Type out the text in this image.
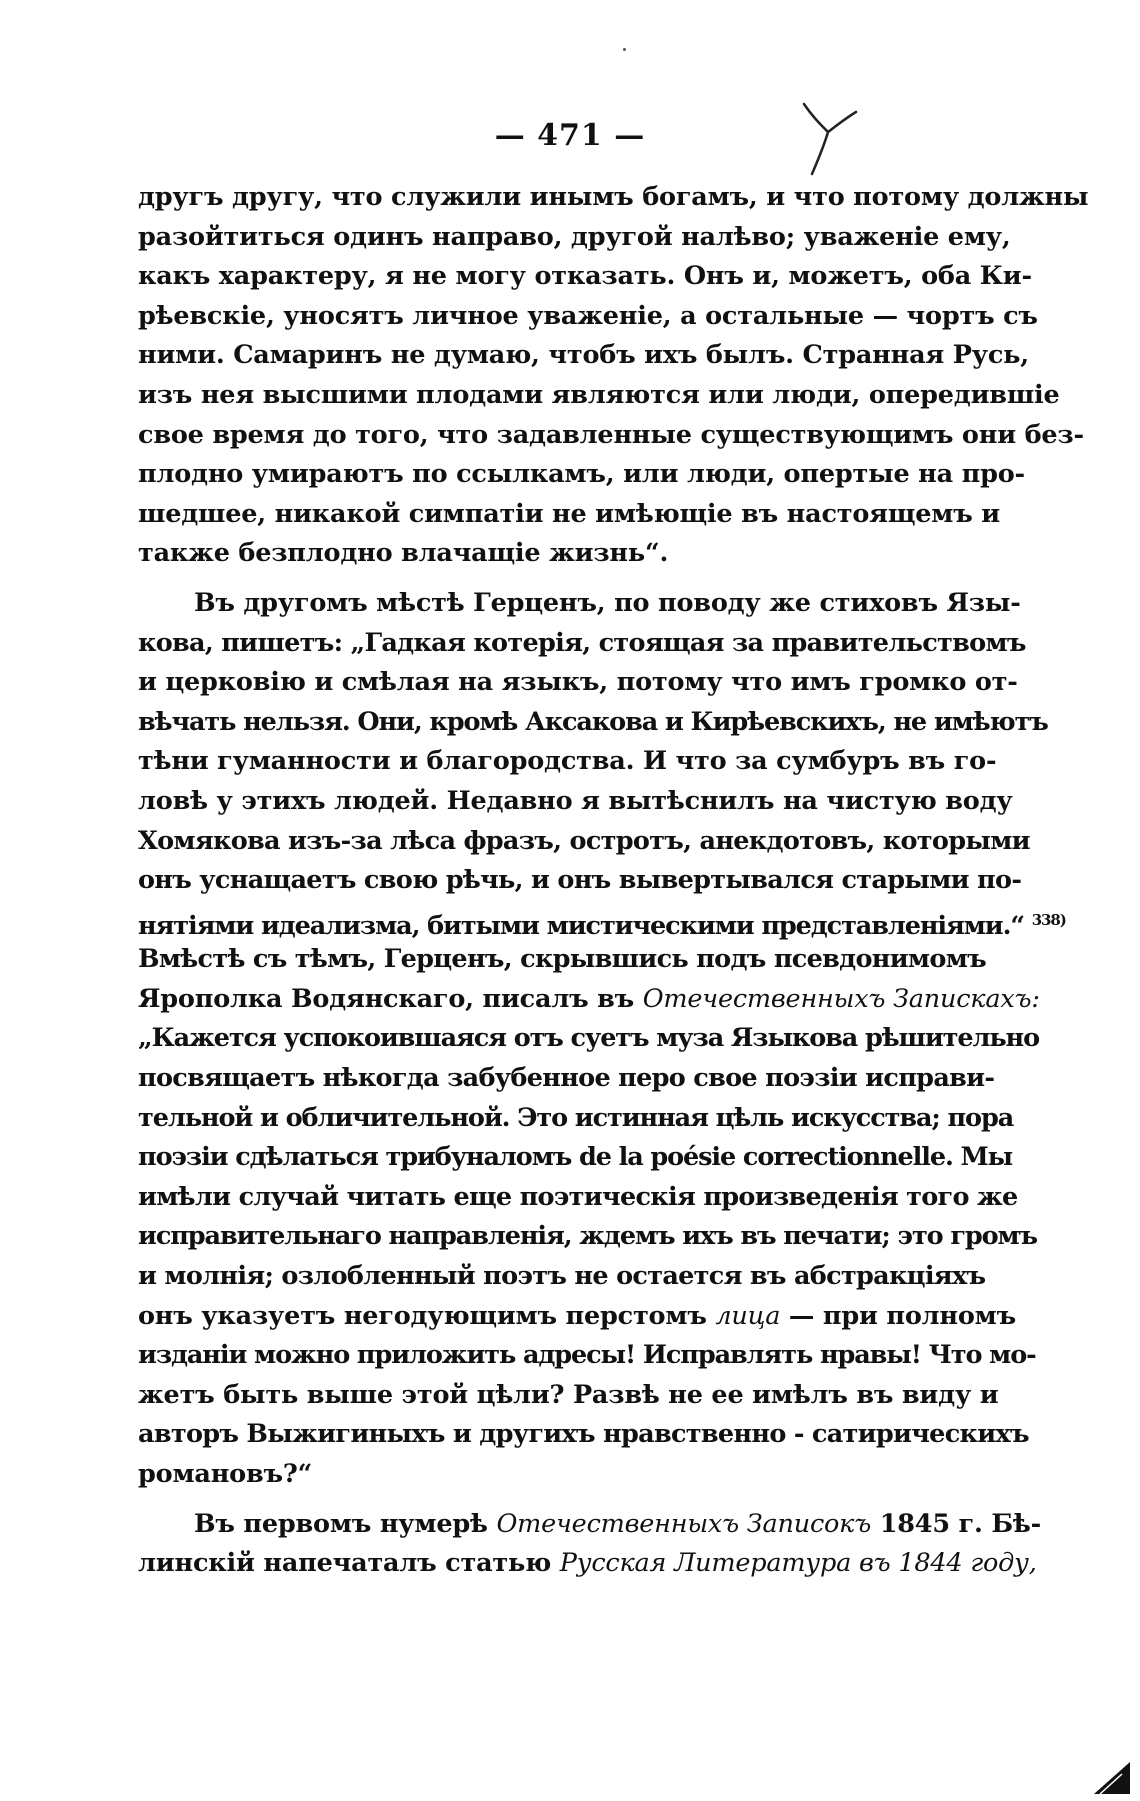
— 471 —
другъ другу, что служили инымъ богамъ, и что потому должны
разойтиться одинъ направо, другой налѣво; уваженіе ему,
какъ характеру, я не могу отказать. Онъ и, можетъ, оба Ки-
рѣевскіе, уносятъ личное уваженіе, а остальные — чортъ съ
ними. Самаринъ не думаю, чтобъ ихъ былъ. Странная Русь,
изъ нея высшими плодами являются или люди, опередившіе
свое время до того, что задавленные существующимъ они без-
плодно умираютъ по ссылкамъ, или люди, опертые на про-
шедшее, никакой симпатіи не имѣющіе въ настоящемъ и
также безплодно влачащіе жизнь“.
Въ другомъ мѣстѣ Герценъ, по поводу же стиховъ Язы-
кова, пишетъ: „Гадкая котерія, стоящая за правительствомъ
и церковію и смѣлая на языкъ, потому что имъ громко от-
вѣчать нельзя. Они, кромѣ Аксакова и Кирѣевскихъ, не имѣютъ
тѣни гуманности и благородства. И что за сумбуръ въ го-
ловѣ у этихъ людей. Недавно я вытѣснилъ на чистую воду
Хомякова изъ-за лѣса фразъ, остротъ, анекдотовъ, которыми
онъ уснащаетъ свою рѣчь, и онъ вывертывался старыми по-
нятіями идеализма, битыми мистическими представленіями.“ $^{338)}$
Вмѣстѣ съ тѣмъ, Герценъ, скрывшись подъ псевдонимомъ
Ярополка Водянскаго, писалъ въ Отечественныхъ Запискахъ:
„Кажется успокоившаяся отъ суетъ муза Языкова рѣшительно
посвящаетъ нѣкогда забубенное перо свое поэзіи исправи-
тельной и обличительной. Это истинная цѣль искусства; пора
поэзіи сдѣлаться трибуналомъ de la poésie correctionnelle. Мы
имѣли случай читать еще поэтическія произведенія того же
исправительнаго направленія, ждемъ ихъ въ печати; это громъ
и молнія; озлобленный поэтъ не остается въ абстракціяхъ
онъ указуетъ негодующимъ перстомъ лица — при полномъ
изданіи можно приложить адресы! Исправлять нравы! Что мо-
жетъ быть выше этой цѣли? Развѣ не ее имѣлъ въ виду и
авторъ Выжигиныхъ и другихъ нравственно - сатирическихъ
романовъ?“
Въ первомъ нумерѣ Отечественныхъ Записокъ 1845 г. Бѣ-
линскій напечаталъ статью Русская Литература въ 1844 году,
